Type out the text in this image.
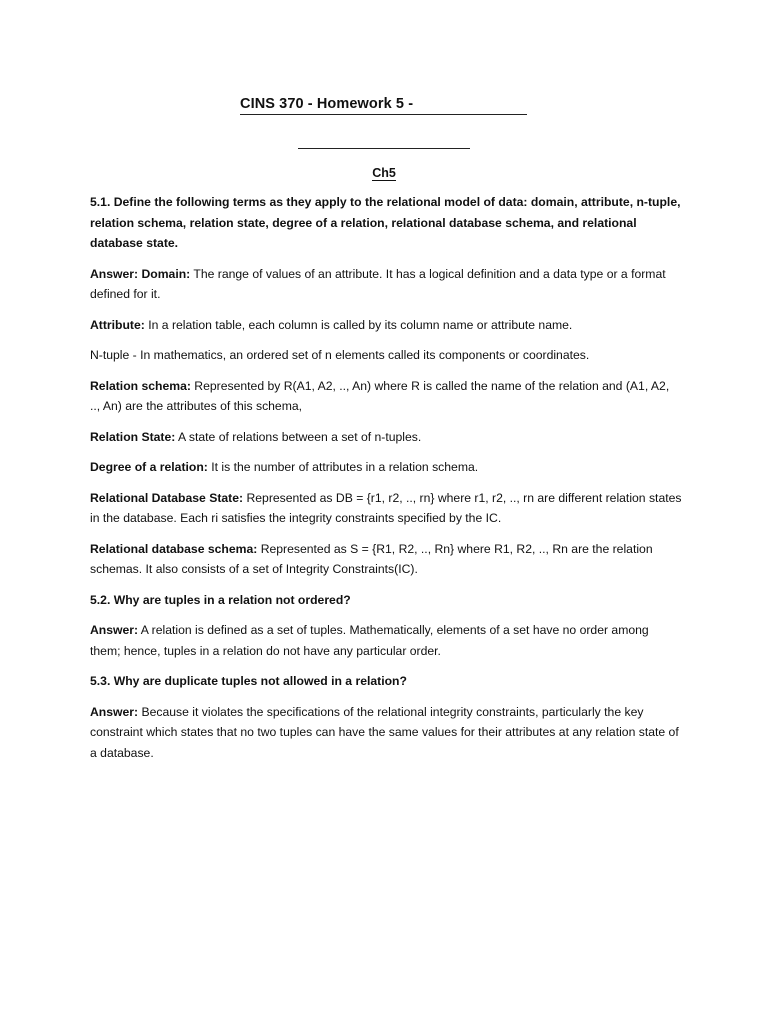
CINS 370 - Homework 5 -
Ch5

5.1. Define the following terms as they apply to the relational model of data: domain, attribute, n-tuple, relation schema, relation state, degree of a relation, relational database schema, and relational database state.

Answer: Domain: The range of values of an attribute. It has a logical definition and a data type or a format defined for it.

Attribute: In a relation table, each column is called by its column name or attribute name.

N-tuple - In mathematics, an ordered set of n elements called its components or coordinates.

Relation schema: Represented by R(A1, A2, .., An) where R is called the name of the relation and (A1, A2, .., An) are the attributes of this schema,

Relation State: A state of relations between a set of n-tuples.

Degree of a relation: It is the number of attributes in a relation schema.

Relational Database State: Represented as DB = {r1, r2, .., rn} where r1, r2, .., rn are different relation states in the database. Each ri satisfies the integrity constraints specified by the IC.

Relational database schema: Represented as S = {R1, R2, .., Rn} where R1, R2, .., Rn are the relation schemas. It also consists of a set of Integrity Constraints(IC).

5.2. Why are tuples in a relation not ordered?

Answer: A relation is defined as a set of tuples. Mathematically, elements of a set have no order among them; hence, tuples in a relation do not have any particular order.

5.3. Why are duplicate tuples not allowed in a relation?

Answer: Because it violates the specifications of the relational integrity constraints, particularly the key constraint which states that no two tuples can have the same values for their attributes at any relation state of a database.
